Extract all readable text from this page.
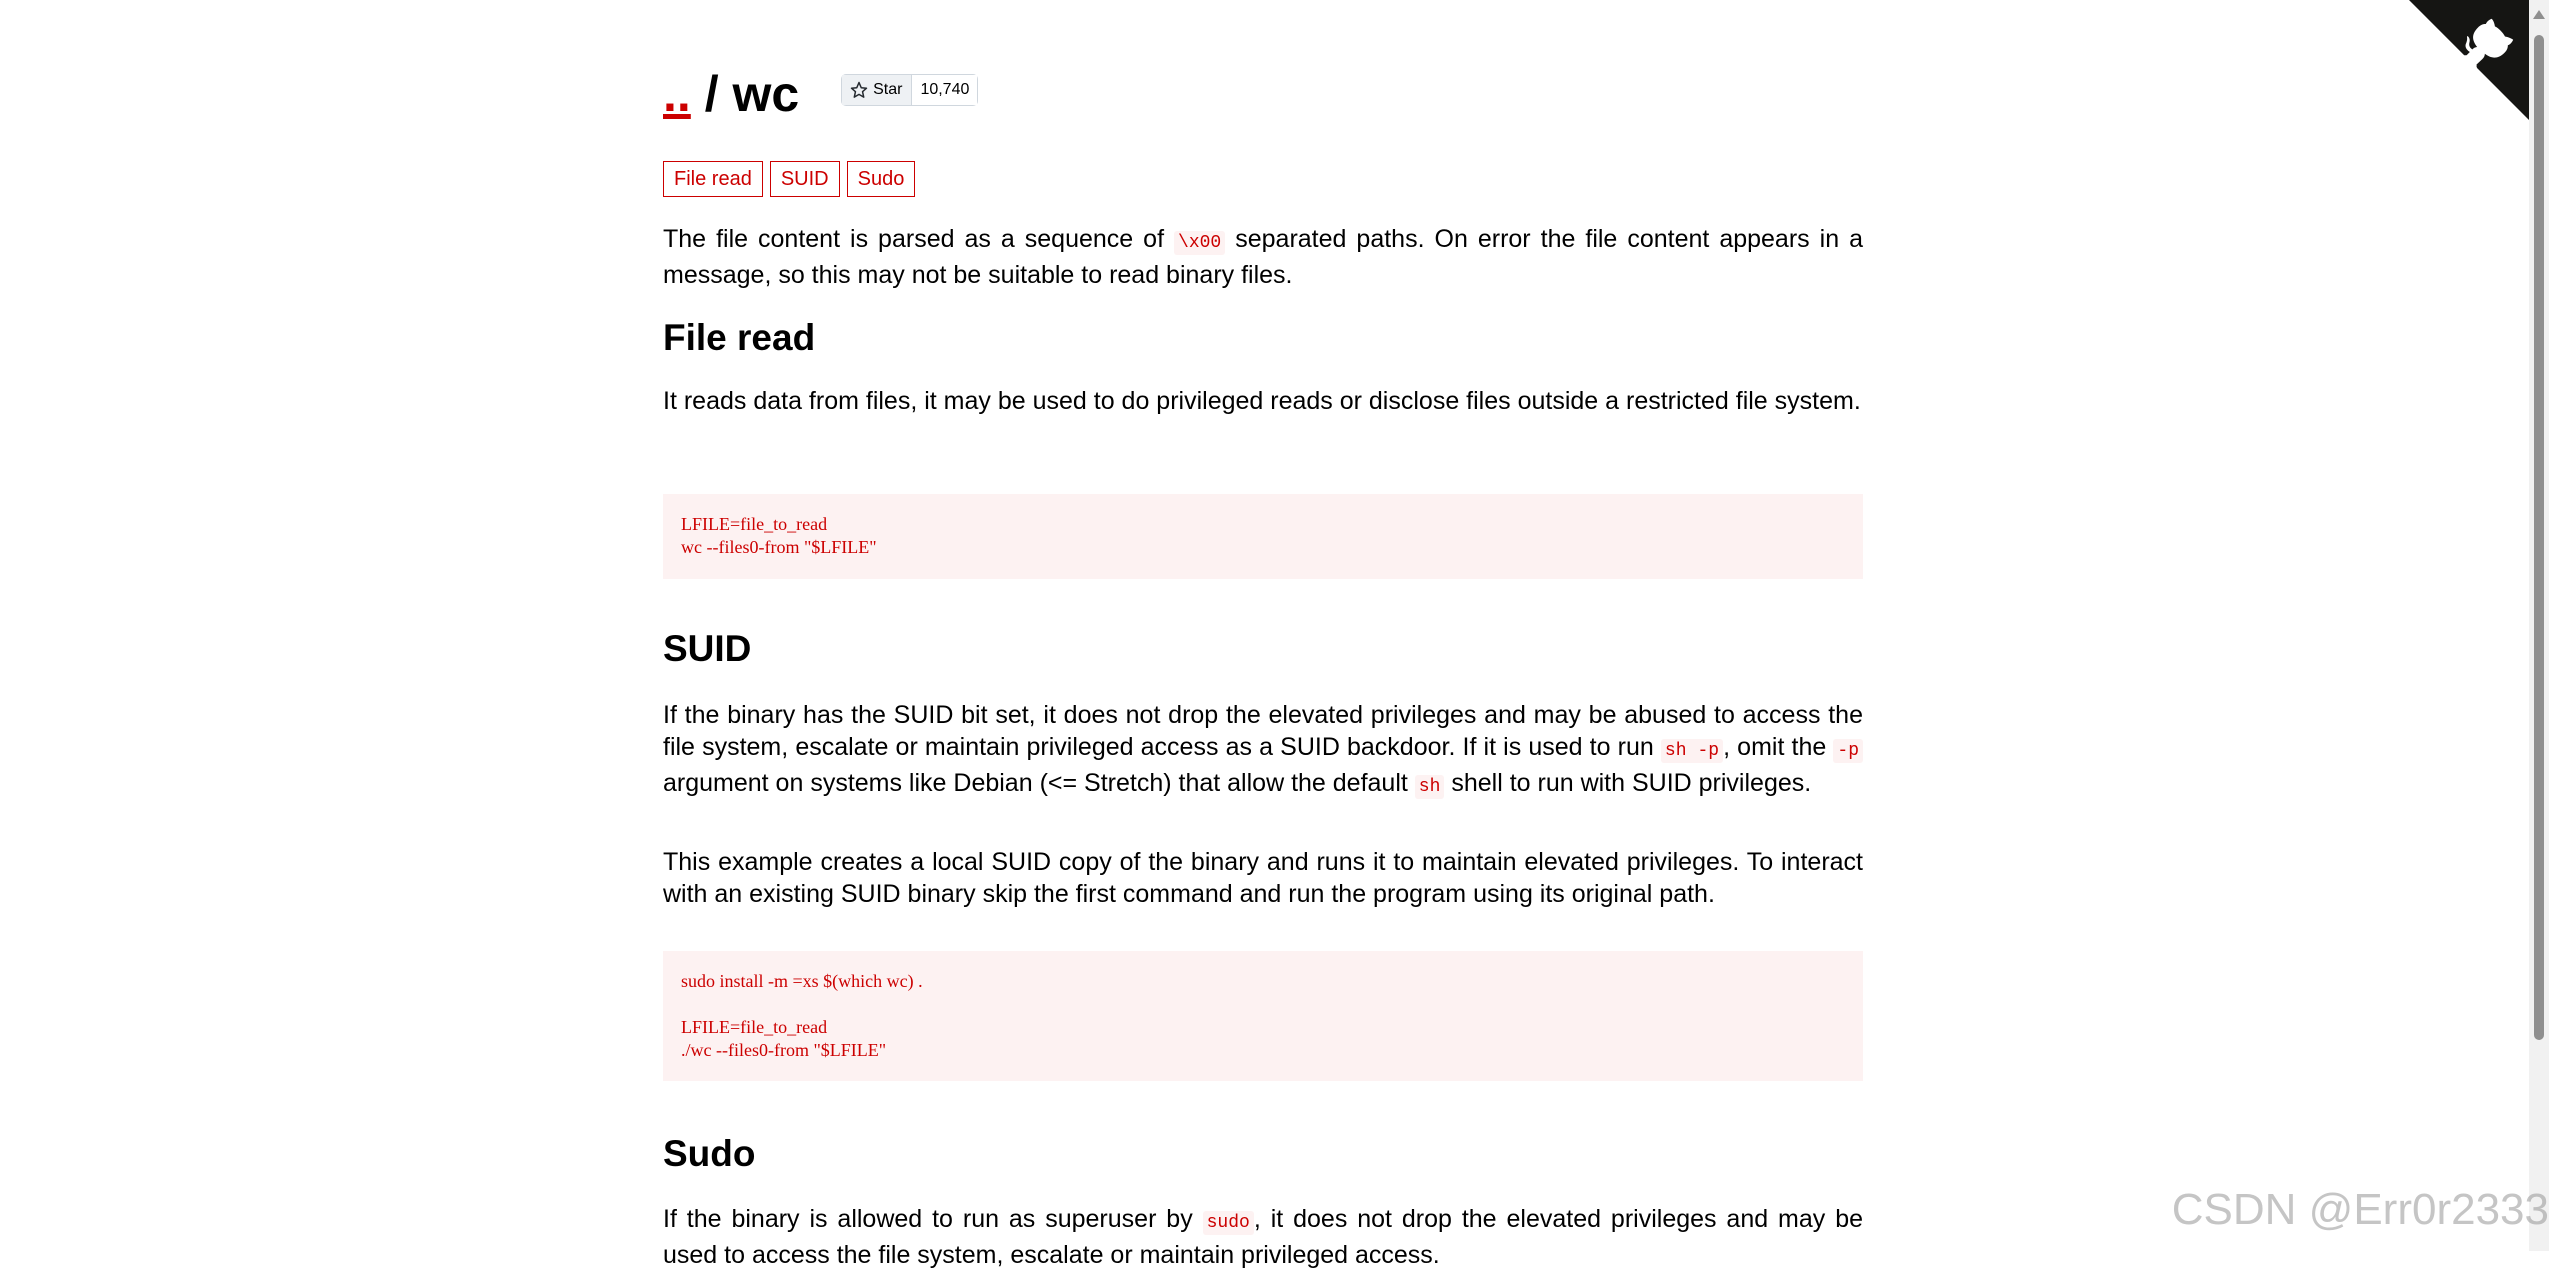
.. / wc	Star	10,740
File read	SUID	Sudo

The file content is parsed as a sequence of \x00 separated paths. On error the file content appears in a message, so this may not be suitable to read binary files.

File read

It reads data from files, it may be used to do privileged reads or disclose files outside a restricted file system.

LFILE=file_to_read
wc --files0-from "$LFILE"
SUID

If the binary has the SUID bit set, it does not drop the elevated privileges and may be abused to access the file system, escalate or maintain privileged access as a SUID backdoor. If it is used to run sh -p , omit the -p argument on systems like Debian (<= Stretch) that allow the default sh shell to run with SUID privileges.

This example creates a local SUID copy of the binary and runs it to maintain elevated privileges. To interact with an existing SUID binary skip the first command and run the program using its original path.

sudo install -m =xs $(which wc) .

LFILE=file_to_read
./wc --files0-from "$LFILE"
Sudo

If the binary is allowed to run as superuser by sudo , it does not drop the elevated privileges and may be used to access the file system, escalate or maintain privileged access.

CSDN @Err0r2333
